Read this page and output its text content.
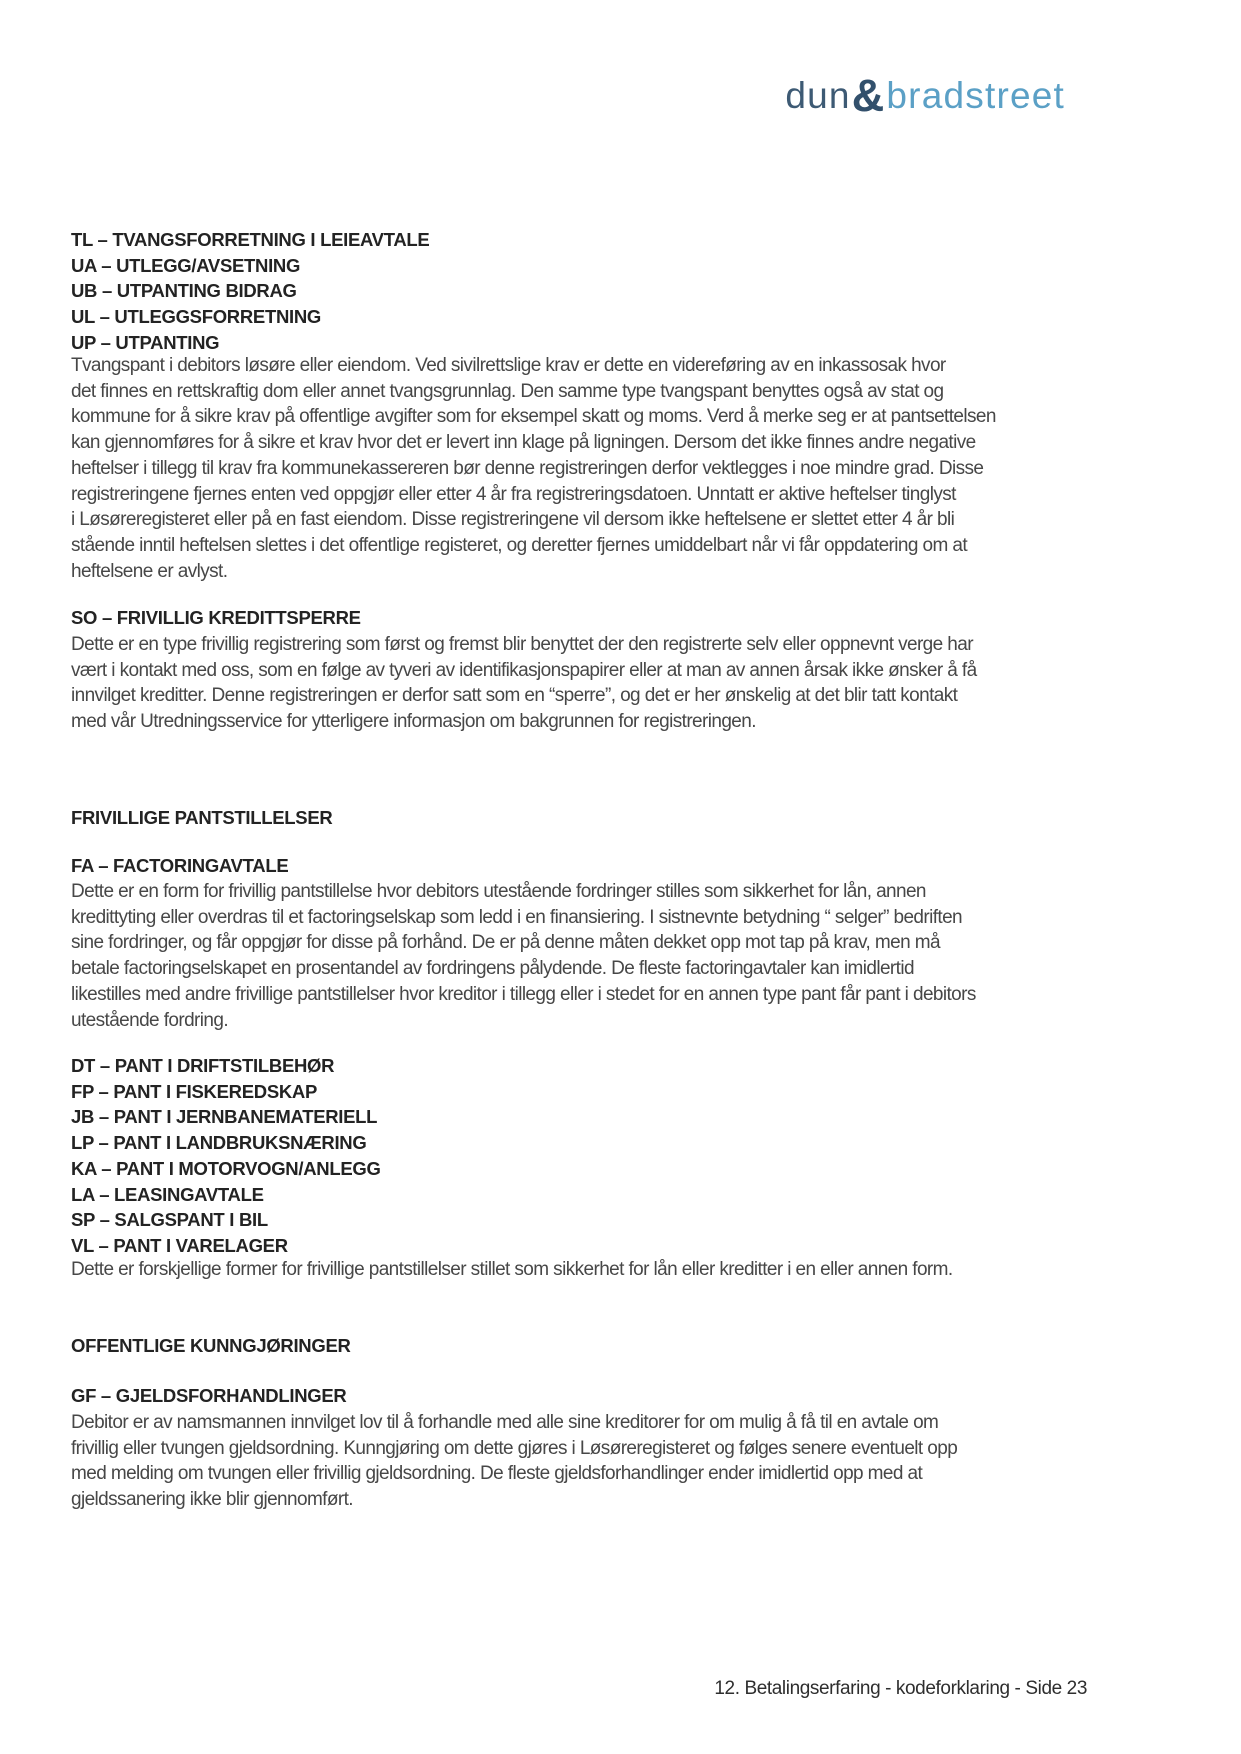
dun&bradstreet
TL – TVANGSFORRETNING I LEIEAVTALE
UA – UTLEGG/AVSETNING
UB – UTPANTING BIDRAG
UL – UTLEGGSFORRETNING
UP – UTPANTING
Tvangspant i debitors løsøre eller eiendom. Ved sivilrettslige krav er dette en videreføring av en inkassosak hvor
det finnes en rettskraftig dom eller annet tvangsgrunnlag. Den samme type tvangspant benyttes også av stat og
kommune for å sikre krav på offentlige avgifter som for eksempel skatt og moms. Verd å merke seg er at pantsettelsen
kan gjennomføres for å sikre et krav hvor det er levert inn klage på ligningen. Dersom det ikke finnes andre negative
heftelser i tillegg til krav fra kommunekassereren bør denne registreringen derfor vektlegges i noe mindre grad. Disse
registreringene fjernes enten ved oppgjør eller etter 4 år fra registreringsdatoen. Unntatt er aktive heftelser tinglyst
i Løsøreregisteret eller på en fast eiendom. Disse registreringene vil dersom ikke heftelsene er slettet etter 4 år bli
stående inntil heftelsen slettes i det offentlige registeret, og deretter fjernes umiddelbart når vi får oppdatering om at
heftelsene er avlyst.
SO – FRIVILLIG KREDITTSPERRE
Dette er en type frivillig registrering som først og fremst blir benyttet der den registrerte selv eller oppnevnt verge har
vært i kontakt med oss, som en følge av tyveri av identifikasjonspapirer eller at man av annen årsak ikke ønsker å få
innvilget kreditter. Denne registreringen er derfor satt som en “sperre”, og det er her ønskelig at det blir tatt kontakt
med vår Utredningsservice for ytterligere informasjon om bakgrunnen for registreringen.
FRIVILLIGE PANTSTILLELSER
FA – FACTORINGAVTALE
Dette er en form for frivillig pantstillelse hvor debitors utestående fordringer stilles som sikkerhet for lån, annen
kredittyting eller overdras til et factoringselskap som ledd i en finansiering. I sistnevnte betydning “ selger” bedriften
sine fordringer, og får oppgjør for disse på forhånd. De er på denne måten dekket opp mot tap på krav, men må
betale factoringselskapet en prosentandel av fordringens pålydende. De fleste factoringavtaler kan imidlertid
likestilles med andre frivillige pantstillelser hvor kreditor i tillegg eller i stedet for en annen type pant får pant i debitors
utestående fordring.
DT – PANT I DRIFTSTILBEHØR
FP – PANT I FISKEREDSKAP
JB – PANT I JERNBANEMATERIELL
LP – PANT I LANDBRUKSNÆRING
KA – PANT I MOTORVOGN/ANLEGG
LA – LEASINGAVTALE
SP – SALGSPANT I BIL
VL – PANT I VARELAGER
Dette er forskjellige former for frivillige pantstillelser stillet som sikkerhet for lån eller kreditter i en eller annen form.
OFFENTLIGE KUNNGJØRINGER
GF – GJELDSFORHANDLINGER
Debitor er av namsmannen innvilget lov til å forhandle med alle sine kreditorer for om mulig å få til en avtale om
frivillig eller tvungen gjeldsordning. Kunngjøring om dette gjøres i Løsøreregisteret og følges senere eventuelt opp
med melding om tvungen eller frivillig gjeldsordning. De fleste gjeldsforhandlinger ender imidlertid opp med at
gjeldssanering ikke blir gjennomført.
12. Betalingserfaring - kodeforklaring - Side 23
